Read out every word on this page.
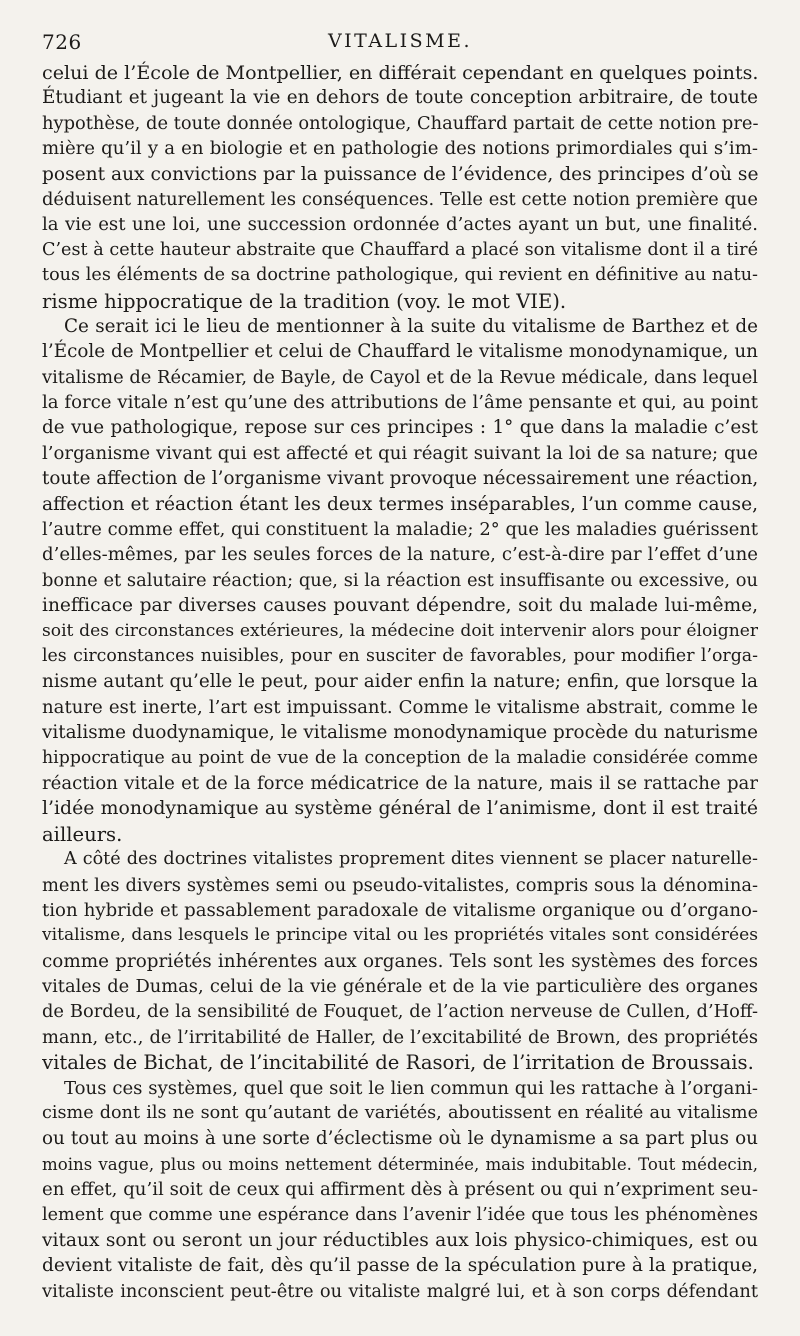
726	VITALISME.
celui de l’École de Montpellier, en différait cependant en quelques points.
Étudiant et jugeant la vie en dehors de toute conception arbitraire, de toute
hypothèse, de toute donnée ontologique, Chauffard partait de cette notion pre-
mière qu’il y a en biologie et en pathologie des notions primordiales qui s’im-
posent aux convictions par la puissance de l’évidence, des principes d’où se
déduisent naturellement les conséquences. Telle est cette notion première que
la vie est une loi, une succession ordonnée d’actes ayant un but, une finalité.
C’est à cette hauteur abstraite que Chauffard a placé son vitalisme dont il a tiré
tous les éléments de sa doctrine pathologique, qui revient en définitive au natu-
risme hippocratique de la tradition (voy. le mot VIE).
Ce serait ici le lieu de mentionner à la suite du vitalisme de Barthez et de
l’École de Montpellier et celui de Chauffard le vitalisme monodynamique, un
vitalisme de Récamier, de Bayle, de Cayol et de la Revue médicale, dans lequel
la force vitale n’est qu’une des attributions de l’âme pensante et qui, au point
de vue pathologique, repose sur ces principes : 1° que dans la maladie c’est
l’organisme vivant qui est affecté et qui réagit suivant la loi de sa nature; que
toute affection de l’organisme vivant provoque nécessairement une réaction,
affection et réaction étant les deux termes inséparables, l’un comme cause,
l’autre comme effet, qui constituent la maladie; 2° que les maladies guérissent
d’elles-mêmes, par les seules forces de la nature, c’est-à-dire par l’effet d’une
bonne et salutaire réaction; que, si la réaction est insuffisante ou excessive, ou
inefficace par diverses causes pouvant dépendre, soit du malade lui-même,
soit des circonstances extérieures, la médecine doit intervenir alors pour éloigner
les circonstances nuisibles, pour en susciter de favorables, pour modifier l’orga-
nisme autant qu’elle le peut, pour aider enfin la nature; enfin, que lorsque la
nature est inerte, l’art est impuissant. Comme le vitalisme abstrait, comme le
vitalisme duodynamique, le vitalisme monodynamique procède du naturisme
hippocratique au point de vue de la conception de la maladie considérée comme
réaction vitale et de la force médicatrice de la nature, mais il se rattache par
l’idée monodynamique au système général de l’animisme, dont il est traité
ailleurs.
A côté des doctrines vitalistes proprement dites viennent se placer naturelle-
ment les divers systèmes semi ou pseudo-vitalistes, compris sous la dénomina-
tion hybride et passablement paradoxale de vitalisme organique ou d’organo-
vitalisme, dans lesquels le principe vital ou les propriétés vitales sont considérées
comme propriétés inhérentes aux organes. Tels sont les systèmes des forces
vitales de Dumas, celui de la vie générale et de la vie particulière des organes
de Bordeu, de la sensibilité de Fouquet, de l’action nerveuse de Cullen, d’Hoff-
mann, etc., de l’irritabilité de Haller, de l’excitabilité de Brown, des propriétés
vitales de Bichat, de l’incitabilité de Rasori, de l’irritation de Broussais.
Tous ces systèmes, quel que soit le lien commun qui les rattache à l’organi-
cisme dont ils ne sont qu’autant de variétés, aboutissent en réalité au vitalisme
ou tout au moins à une sorte d’éclectisme où le dynamisme a sa part plus ou
moins vague, plus ou moins nettement déterminée, mais indubitable. Tout médecin,
en effet, qu’il soit de ceux qui affirment dès à présent ou qui n’expriment seu-
lement que comme une espérance dans l’avenir l’idée que tous les phénomènes
vitaux sont ou seront un jour réductibles aux lois physico-chimiques, est ou
devient vitaliste de fait, dès qu’il passe de la spéculation pure à la pratique,
vitaliste inconscient peut-être ou vitaliste malgré lui, et à son corps défendant
